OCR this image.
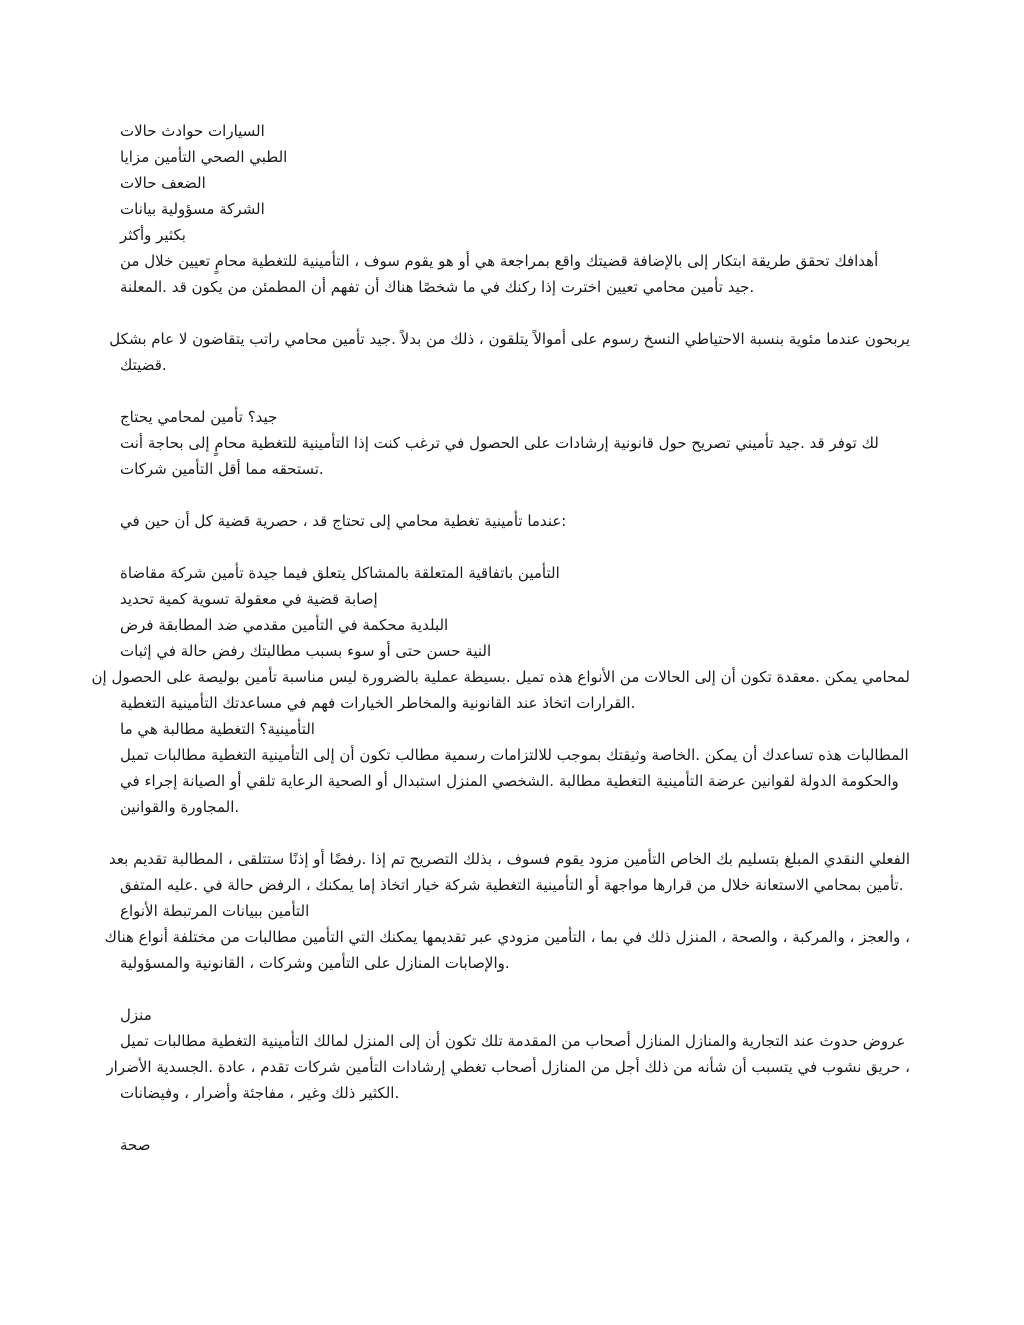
السيارات حوادث حالات
الطبي الصحي التأمين مزايا
الضعف حالات
الشركة مسؤولية بيانات
بكثير وأكثر
أهدافك تحقق طريقة ابتكار إلى بالإضافة قضيتك واقع بمراجعة هي أو هو يقوم سوف ، التأمينية للتغطية محامٍ تعيين خلال من
.جيد تأمين محامي تعيين اخترت إذا ركنك في ما شخصًا هناك أن تفهم أن المطمئن من يكون قد .المعلنة
يربحون عندما مئوية بنسبة الاحتياطي النسخ رسوم على أموالاً يتلقون ، ذلك من بدلاً .جيد تأمين محامي راتب يتقاضون لا عام بشكل
.قضيتك
جيد؟ تأمين لمحامي يحتاج
لك توفر قد .جيد تأميني تصريح حول قانونية إرشادات على الحصول في ترغب كنت إذا التأمينية للتغطية محامٍ إلى بحاجة أنت
.تستحقه مما أقل التأمين شركات
:عندما تأمينية تغطية محامي إلى تحتاج قد ، حصرية قضية كل أن حين في
التأمين باتفاقية المتعلقة بالمشاكل يتعلق فيما جيدة تأمين شركة مقاضاة
إصابة قضية في معقولة تسوية كمية تحديد
البلدية محكمة في التأمين مقدمي ضد المطابقة فرض
النية حسن حتى أو سوء بسبب مطالبتك رفض حالة في إثبات
لمحامي يمكن .معقدة تكون أن إلى الحالات من الأنواع هذه تميل .بسيطة عملية بالضرورة ليس مناسبة تأمين بوليصة على الحصول إن
.القرارات اتخاذ عند القانونية والمخاطر الخيارات فهم في مساعدتك التأمينية التغطية
التأمينية؟ التغطية مطالبة هي ما
المطالبات هذه تساعدك أن يمكن .الخاصة وثيقتك بموجب للالتزامات رسمية مطالب تكون أن إلى التأمينية التغطية مطالبات تميل
والحكومة الدولة لقوانين عرضة التأمينية التغطية مطالبة .الشخصي المنزل استبدال أو الصحية الرعاية تلقي أو الصيانة إجراء في
.المجاورة والقوانين
الفعلي النقدي المبلغ بتسليم بك الخاص التأمين مزود يقوم فسوف ، بذلك التصريح تم إذا .رفضًا أو إذنًا ستتلقى ، المطالبة تقديم بعد
.تأمين بمحامي الاستعانة خلال من قرارها مواجهة أو التأمينية التغطية شركة خيار اتخاذ إما يمكنك ، الرفض حالة في .عليه المتفق
التأمين ببيانات المرتبطة الأنواع
، والعجز ، والمركبة ، والصحة ، المنزل ذلك في بما ، التأمين مزودي عبر تقديمها يمكنك التي التأمين مطالبات من مختلفة أنواع هناك
.والإصابات المنازل على التأمين وشركات ، القانونية والمسؤولية
منزل
عروض حدوث عند التجارية والمنازل المنازل أصحاب من المقدمة تلك تكون أن إلى المنزل لمالك التأمينية التغطية مطالبات تميل
، حريق نشوب في يتسبب أن شأنه من ذلك أجل من المنازل أصحاب تغطي إرشادات التأمين شركات تقدم ، عادة .الجسدية الأضرار
.الكثير ذلك وغير ، مفاجئة وأضرار ، وفيضانات
صحة
